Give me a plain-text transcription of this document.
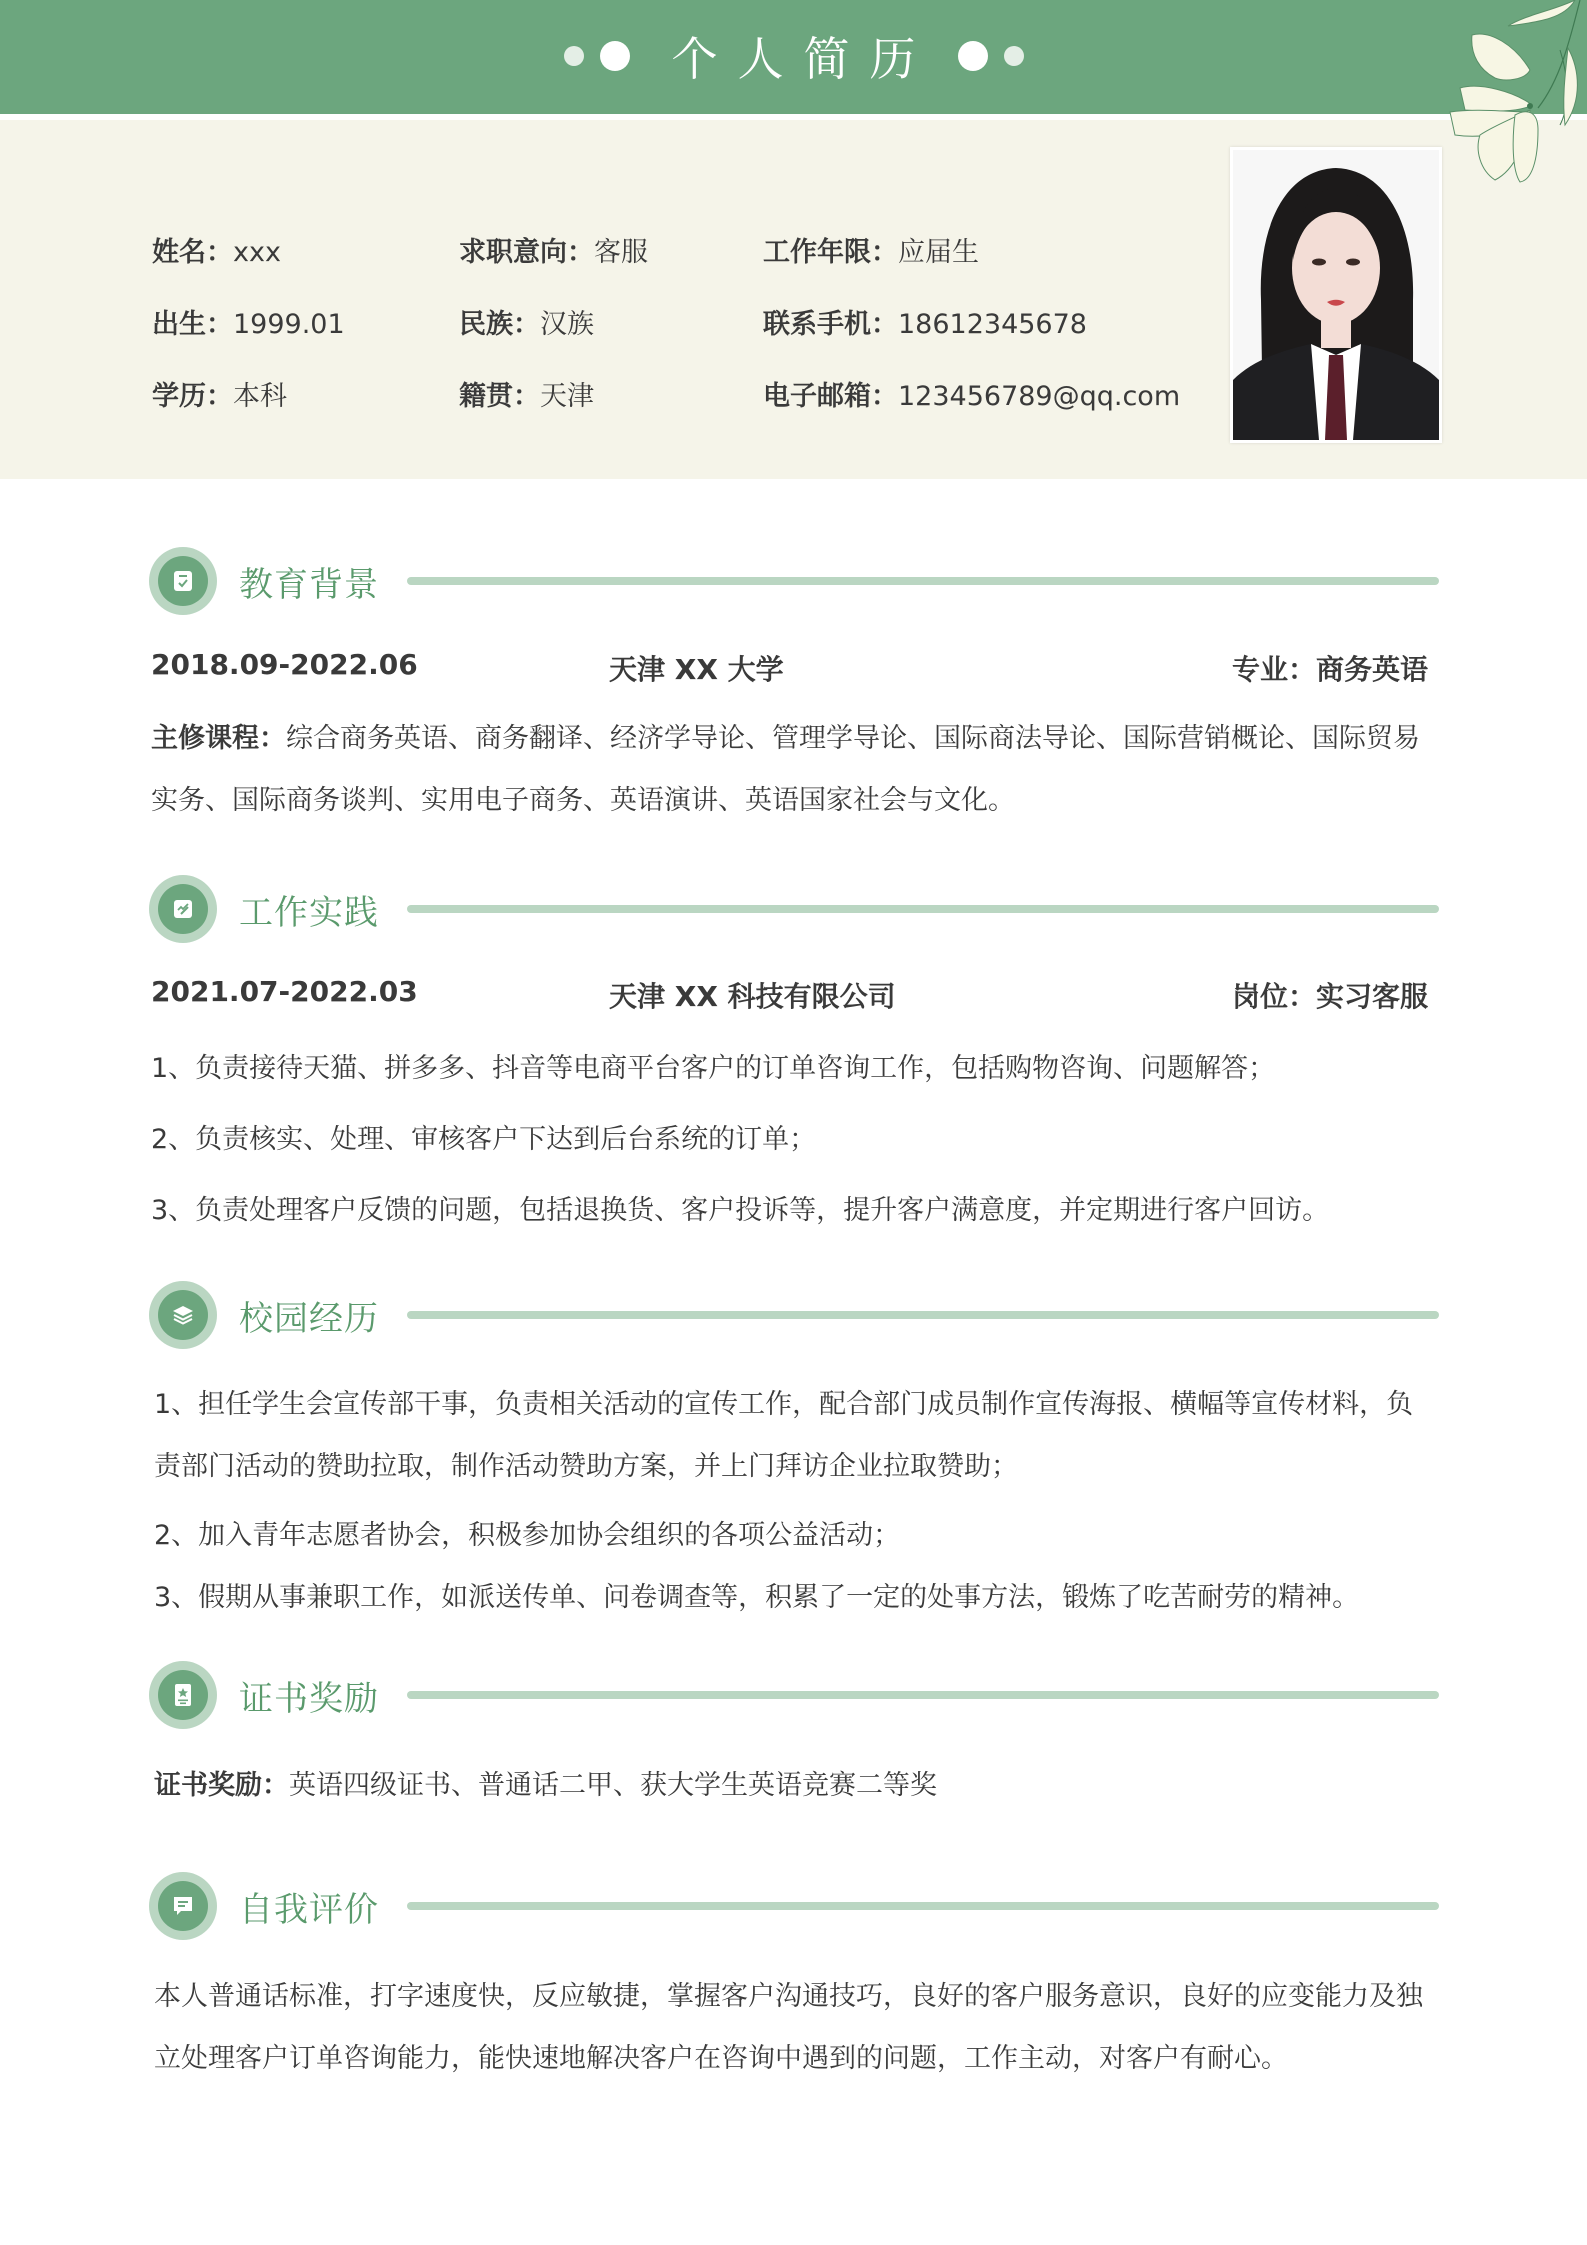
个人简历
姓名：xxx	求职意向：客服	工作年限：应届生
出生：1999.01	民族：汉族	联系手机：18612345678
学历：本科	籍贯：天津	电子邮箱：123456789@qq.com
教育背景
2018.09-2022.06	天津 XX 大学	专业：商务英语
主修课程：综合商务英语、商务翻译、经济学导论、管理学导论、国际商法导论、国际营销概论、国际贸易实务、国际商务谈判、实用电子商务、英语演讲、英语国家社会与文化。
工作实践
2021.07-2022.03	天津 XX 科技有限公司	岗位：实习客服
1、负责接待天猫、拼多多、抖音等电商平台客户的订单咨询工作，包括购物咨询、问题解答；
2、负责核实、处理、审核客户下达到后台系统的订单；
3、负责处理客户反馈的问题，包括退换货、客户投诉等，提升客户满意度，并定期进行客户回访。
校园经历
1、担任学生会宣传部干事，负责相关活动的宣传工作，配合部门成员制作宣传海报、横幅等宣传材料，负责部门活动的赞助拉取，制作活动赞助方案，并上门拜访企业拉取赞助；
2、加入青年志愿者协会，积极参加协会组织的各项公益活动；
3、假期从事兼职工作，如派送传单、问卷调查等，积累了一定的处事方法，锻炼了吃苦耐劳的精神。
证书奖励
证书奖励：英语四级证书、普通话二甲、获大学生英语竞赛二等奖
自我评价
本人普通话标准，打字速度快，反应敏捷，掌握客户沟通技巧，良好的客户服务意识，良好的应变能力及独立处理客户订单咨询能力，能快速地解决客户在咨询中遇到的问题，工作主动，对客户有耐心。
